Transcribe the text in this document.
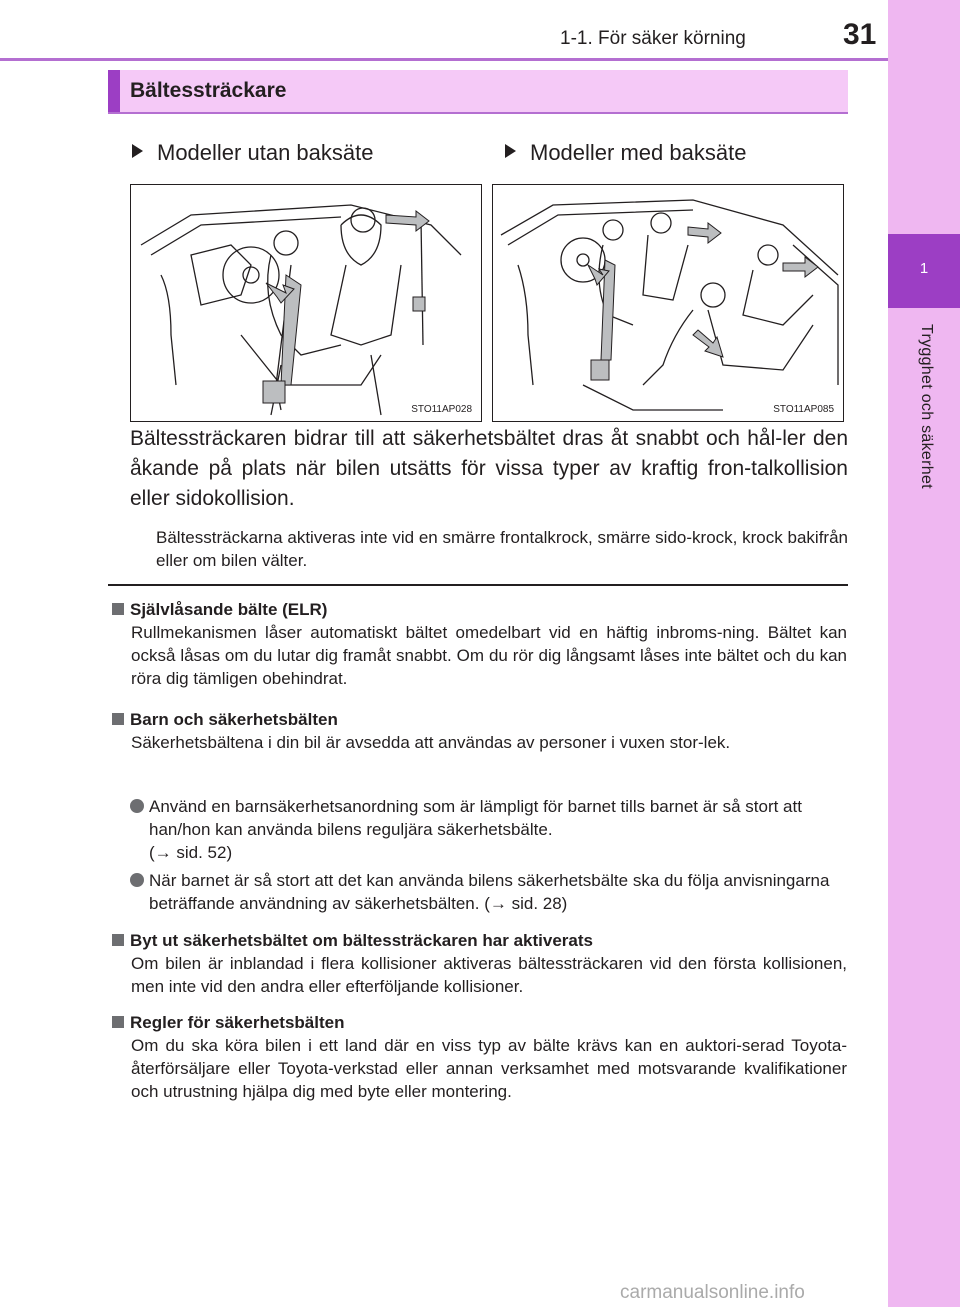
1-1. För säker körning	31
1
Trygghet och säkerhet
Bältessträckare
Modeller utan baksäte	Modeller med baksäte
STO11AP028	STO11AP085
Bältessträckaren bidrar till att säkerhetsbältet dras åt snabbt och hål-ler den åkande på plats när bilen utsätts för vissa typer av kraftig fron-talkollision eller sidokollision.
Bältessträckarna aktiveras inte vid en smärre frontalkrock, smärre sido-krock, krock bakifrån eller om bilen välter.
Självlåsande bälte (ELR)
Rullmekanismen låser automatiskt bältet omedelbart vid en häftig inbroms-ning. Bältet kan också låsas om du lutar dig framåt snabbt. Om du rör dig långsamt låses inte bältet och du kan röra dig tämligen obehindrat.
Barn och säkerhetsbälten
Säkerhetsbältena i din bil är avsedda att användas av personer i vuxen stor-lek.
Använd en barnsäkerhetsanordning som är lämpligt för barnet tills barnet är så stort att han/hon kan använda bilens reguljära säkerhetsbälte.
(→ sid. 52)
När barnet är så stort att det kan använda bilens säkerhetsbälte ska du följa anvisningarna beträffande användning av säkerhetsbälten. (→ sid. 28)
Byt ut säkerhetsbältet om bältessträckaren har aktiverats
Om bilen är inblandad i flera kollisioner aktiveras bältessträckaren vid den första kollisionen, men inte vid den andra eller efterföljande kollisioner.
Regler för säkerhetsbälten
Om du ska köra bilen i ett land där en viss typ av bälte krävs kan en auktori-serad Toyota-återförsäljare eller Toyota-verkstad eller annan verksamhet med motsvarande kvalifikationer och utrustning hjälpa dig med byte eller montering.
carmanualsonline.info
